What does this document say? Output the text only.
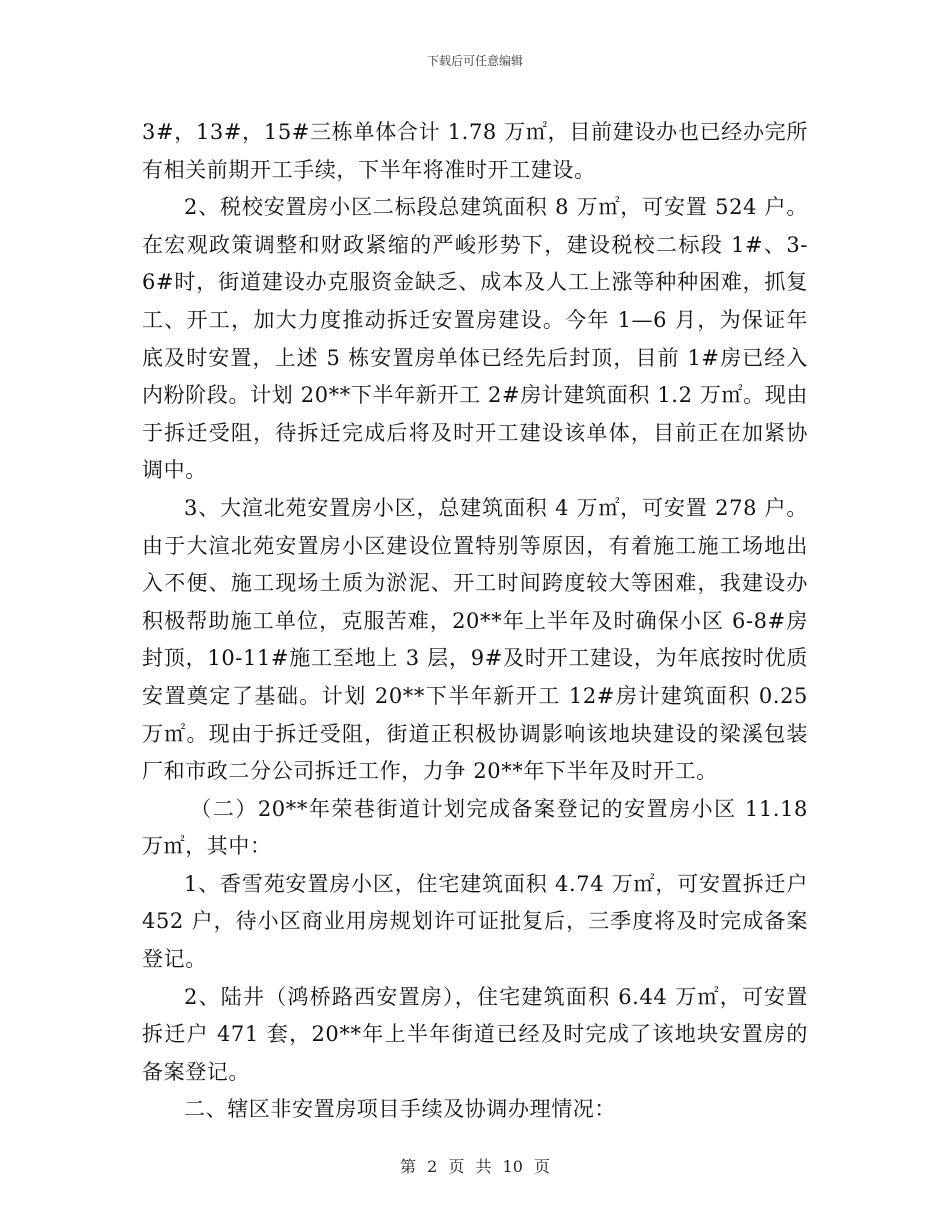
下载后可任意编辑

3#，13#，15#三栋单体合计 1.78 万㎡，目前建设办也已经办完所有相关前期开工手续，下半年将准时开工建设。

2、税校安置房小区二标段总建筑面积 8 万㎡，可安置 524 户。在宏观政策调整和财政紧缩的严峻形势下，建设税校二标段 1#、3-6#时，街道建设办克服资金缺乏、成本及人工上涨等种种困难，抓复工、开工，加大力度推动拆迁安置房建设。今年 1—6 月，为保证年底及时安置，上述 5 栋安置房单体已经先后封顶，目前 1#房已经入内粉阶段。计划 20**下半年新开工 2#房计建筑面积 1.2 万㎡。现由于拆迁受阻，待拆迁完成后将及时开工建设该单体，目前正在加紧协调中。

3、大渲北苑安置房小区，总建筑面积 4 万㎡，可安置 278 户。由于大渲北苑安置房小区建设位置特别等原因，有着施工施工场地出入不便、施工现场土质为淤泥、开工时间跨度较大等困难，我建设办积极帮助施工单位，克服苦难，20**年上半年及时确保小区 6-8#房封顶，10-11#施工至地上 3 层，9#及时开工建设，为年底按时优质安置奠定了基础。计划 20**下半年新开工 12#房计建筑面积 0.25 万㎡。现由于拆迁受阻，街道正积极协调影响该地块建设的梁溪包装厂和市政二分公司拆迁工作，力争 20**年下半年及时开工。

（二）20**年荣巷街道计划完成备案登记的安置房小区 11.18 万㎡，其中：

1、香雪苑安置房小区，住宅建筑面积 4.74 万㎡，可安置拆迁户 452 户，待小区商业用房规划许可证批复后，三季度将及时完成备案登记。

2、陆井（鸿桥路西安置房），住宅建筑面积 6.44 万㎡，可安置拆迁户 471 套，20**年上半年街道已经及时完成了该地块安置房的备案登记。

二、辖区非安置房项目手续及协调办理情况：

第 2 页 共 10 页
